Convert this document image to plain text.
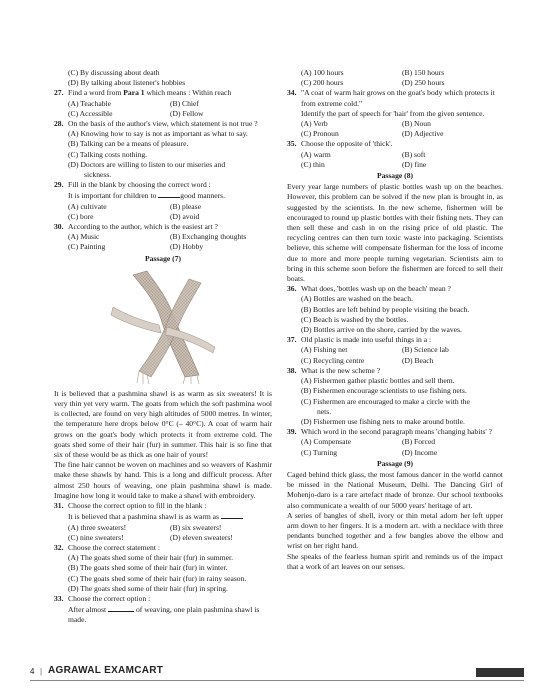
(C) By discussing about death
(D) By talking about listener's hobbies
27. Find a word from Para 1 which means : Within reach
(A) Teachable	(B) Chief
(C) Accessible	(D) Fellow
28. On the basis of the author's view, which statement is not true ?
(A) Knowing how to say is not as important as what to say.
(B) Talking can be a means of pleasure.
(C) Talking costs nothing.
(D) Doctors are willing to listen to our miseries and
sickness.
29. Fill in the blank by choosing the correct word :
It is important for children to	good manners.
(A) cultivate	(B) please
(C) bore	(D) avoid
30. According to the author, which is the easiest art ?
(A) Music	(B) Exchanging thoughts
(C) Painting	(D) Hobby
Passage (7)
It is believed that a pashmina shawl is as warm as six sweaters! It is very thin yet very warm. The goats from which the soft pashmina wool is collected, are found on very high altitudes of 5000 metres. In winter, the temperature here drops below 0°C (– 40°C). A coat of warm hair grows on the goat's body which protects it from extreme cold. The goats shed some of their hair (fur) in summer. This hair is so fine that six of these would be as thick as one hair of yours!
The fine hair cannot be woven on machines and so weavers of Kashmir make these shawls by hand. This is a long and difficult process. After almost 250 hours of weaving, one plain pashmina shawl is made. Imagine how long it would take to make a shawl with embroidery.
31. Choose the correct option to fill in the blank :
It is believed that a pashmina shawl is as warm as
(A) three sweaters!	(B) six sweaters!
(C) nine sweaters!	(D) eleven sweaters!
32. Choose the correct statement :
(A) The goats shed some of their hair (fur) in summer.
(B) The goats shed some of their hair (fur) in winter.
(C) The goats shed some of their hair (fur) in rainy season.
(D) The goats shed some of their hair (fur) in spring.
33. Choose the correct option :
After almost	of weaving, one plain pashmina shawl is made.
(A) 100 hours	(B) 150 hours
(C) 200 hours	(D) 250 hours
34. "A coat of warm hair grows on the goat's body which protects it from extreme cold."
Identify the part of speech for 'hair' from the given sentence.
(A) Verb	(B) Noun
(C) Pronoun	(D) Adjective
35. Choose the opposite of 'thick'.
(A) warm	(B) soft
(C) thin	(D) fine
Passage (8)
Every year large numbers of plastic bottles wash up on the beaches. However, this problem can be solved if the new plan is brought in, as suggested by the scientists. In the new scheme, fishermen will be encouraged to round up plastic bottles with their fishing nets. They can then sell these and cash in on the rising price of old plastic. The recycling centres can then turn toxic waste into packaging. Scientists believe, this scheme will compensate fisherman for the loss of income due to more and more people turning vegetarian. Scientists aim to bring in this scheme soon before the fishermen are forced to sell their boats.
36. What does, 'bottles wash up on the beach' mean ?
(A) Bottles are washed on the beach.
(B) Bottles are left behind by people visiting the beach.
(C) Beach is washed by the bottles.
(D) Bottles arrive on the shore, carried by the waves.
37. Old plastic is made into useful things in a :
(A) Fishing net	(B) Science lab
(C) Recycling centre	(D) Beach
38. What is the new scheme ?
(A) Fishermen gather plastic bottles and sell them.
(B) Fishermen encourage scientists to use fishing nets.
(C) Fishermen are encouraged to make a circle with the
nets.
(D) Fishermen use fishing nets to make around bottle.
39. Which word in the second paragraph means 'changing habits' ?
(A) Compensate	(B) Forced
(C) Turning	(D) Income
Passage (9)
Caged behind thick glass, the most famous dancer in the world cannot be missed in the National Museum, Delhi. The Dancing Girl of Mohenjo-daro is a rare artefact made of bronze. Our school textbooks also communicate a wealth of our 5000 years' heritage of art.
A series of bangles of shell, ivory or thin metal adorn her left upper arm down to her fingers. It is a modern art. with a necklace with three pendants bunched together and a few bangles above the elbow and wrist on her right hand.
She speaks of the fearless human spirit and reminds us of the impact that a work of art leaves on our senses.
4 | AGRAWAL EXAMCART
